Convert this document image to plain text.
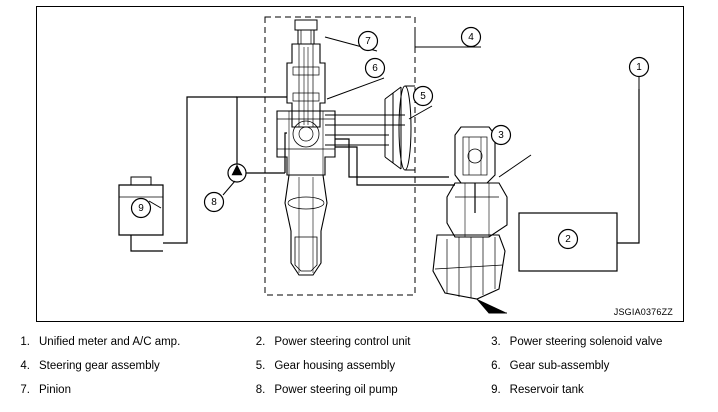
1
2
3
4
5
6
7
8
9
JSGIA0376ZZ
1. Unified meter and A/C amp.	2. Power steering control unit	3. Power steering solenoid valve
4. Steering gear assembly	5. Gear housing assembly	6. Gear sub-assembly
7. Pinion	8. Power steering oil pump	9. Reservoir tank
